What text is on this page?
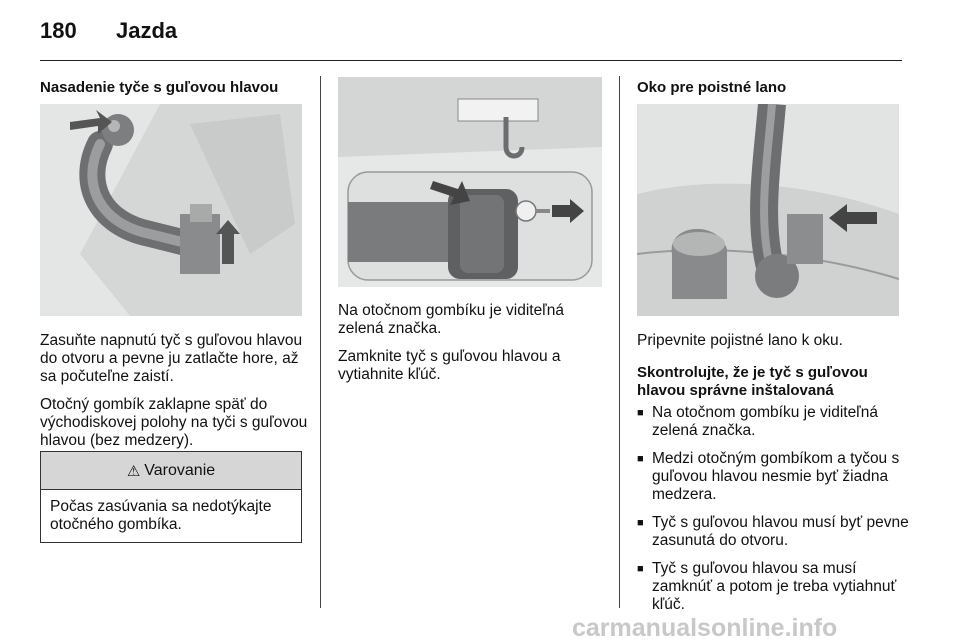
180 Jazda
Nasadenie tyče s guľovou hlavou

Zasuňte napnutú tyč s guľovou hlavou do otvoru a pevne ju zatlačte hore, až sa počuteľne zaistí.

Otočný gombík zaklapne späť do východiskovej polohy na tyči s guľovou hlavou (bez medzery).

⚠ Varovanie
Počas zasúvania sa nedotýkajte otočného gombíka.

Na otočnom gombíku je viditeľná zelená značka.

Zamknite tyč s guľovou hlavou a vytiahnite kľúč.

Oko pre poistné lano

Pripevnite pojistné lano k oku.

Skontrolujte, že je tyč s guľovou hlavou správne inštalovaná
■ Na otočnom gombíku je viditeľná zelená značka.
■ Medzi otočným gombíkom a tyčou s guľovou hlavou nesmie byť žiadna medzera.
■ Tyč s guľovou hlavou musí byť pevne zasunutá do otvoru.
■ Tyč s guľovou hlavou sa musí zamknúť a potom je treba vytiahnuť kľúč.
carmanualsonline.info
